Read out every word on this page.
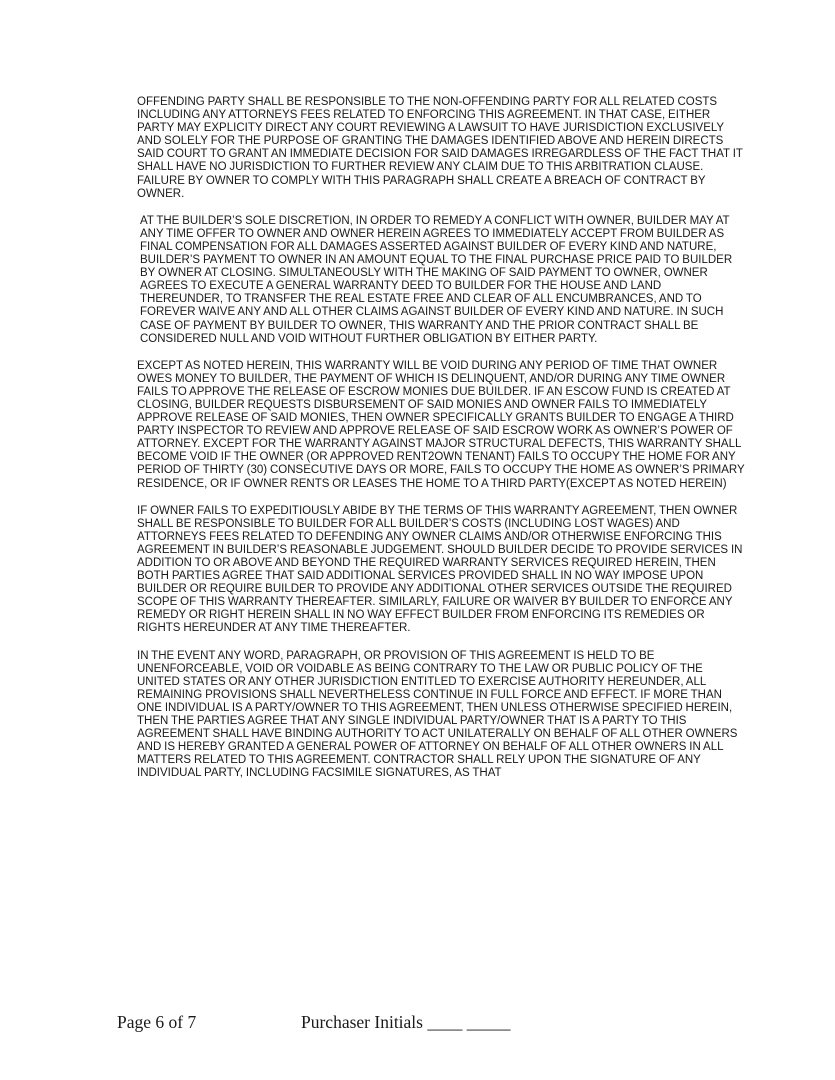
OFFENDING PARTY SHALL BE RESPONSIBLE TO THE NON-OFFENDING PARTY FOR ALL RELATED COSTS INCLUDING ANY ATTORNEYS FEES RELATED TO ENFORCING THIS AGREEMENT. IN THAT CASE, EITHER PARTY MAY EXPLICITY DIRECT ANY COURT REVIEWING A LAWSUIT TO HAVE JURISDICTION EXCLUSIVELY AND SOLELY FOR THE PURPOSE OF GRANTING THE DAMAGES IDENTIFIED ABOVE AND HEREIN DIRECTS SAID COURT TO GRANT AN IMMEDIATE DECISION FOR SAID DAMAGES IRREGARDLESS OF THE FACT THAT IT SHALL HAVE NO JURISDICTION TO FURTHER REVIEW ANY CLAIM DUE TO THIS ARBITRATION CLAUSE. FAILURE BY OWNER TO COMPLY WITH THIS PARAGRAPH SHALL CREATE A BREACH OF CONTRACT BY OWNER.

AT THE BUILDER’S SOLE DISCRETION, IN ORDER TO REMEDY A CONFLICT WITH OWNER, BUILDER MAY AT ANY TIME OFFER TO OWNER AND OWNER HEREIN AGREES TO IMMEDIATELY ACCEPT FROM BUILDER AS FINAL COMPENSATION FOR ALL DAMAGES ASSERTED AGAINST BUILDER OF EVERY KIND AND NATURE, BUILDER’S PAYMENT TO OWNER IN AN AMOUNT EQUAL TO THE FINAL PURCHASE PRICE PAID TO BUILDER BY OWNER AT CLOSING. SIMULTANEOUSLY WITH THE MAKING OF SAID PAYMENT TO OWNER, OWNER AGREES TO EXECUTE A GENERAL WARRANTY DEED TO BUILDER FOR THE HOUSE AND LAND THEREUNDER, TO TRANSFER THE REAL ESTATE FREE AND CLEAR OF ALL ENCUMBRANCES, AND TO FOREVER WAIVE ANY AND ALL OTHER CLAIMS AGAINST BUILDER OF EVERY KIND AND NATURE. IN SUCH CASE OF PAYMENT BY BUILDER TO OWNER, THIS WARRANTY AND THE PRIOR CONTRACT SHALL BE CONSIDERED NULL AND VOID WITHOUT FURTHER OBLIGATION BY EITHER PARTY.

EXCEPT AS NOTED HEREIN, THIS WARRANTY WILL BE VOID DURING ANY PERIOD OF TIME THAT OWNER OWES MONEY TO BUILDER, THE PAYMENT OF WHICH IS DELINQUENT, AND/OR DURING ANY TIME OWNER FAILS TO APPROVE THE RELEASE OF ESCROW MONIES DUE BUILDER. IF AN ESCOW FUND IS CREATED AT CLOSING, BUILDER REQUESTS DISBURSEMENT OF SAID MONIES AND OWNER FAILS TO IMMEDIATELY APPROVE RELEASE OF SAID MONIES, THEN OWNER SPECIFICALLY GRANTS BUILDER TO ENGAGE A THIRD PARTY INSPECTOR TO REVIEW AND APPROVE RELEASE OF SAID ESCROW WORK AS OWNER’S POWER OF ATTORNEY. EXCEPT FOR THE WARRANTY AGAINST MAJOR STRUCTURAL DEFECTS, THIS WARRANTY SHALL BECOME VOID IF THE OWNER (OR APPROVED RENT2OWN TENANT) FAILS TO OCCUPY THE HOME FOR ANY PERIOD OF THIRTY (30) CONSECUTIVE DAYS OR MORE, FAILS TO OCCUPY THE HOME AS OWNER’S PRIMARY RESIDENCE, OR IF OWNER RENTS OR LEASES THE HOME TO A THIRD PARTY(EXCEPT AS NOTED HEREIN)

IF OWNER FAILS TO EXPEDITIOUSLY ABIDE BY THE TERMS OF THIS WARRANTY AGREEMENT, THEN OWNER SHALL BE RESPONSIBLE TO BUILDER FOR ALL BUILDER’S COSTS (INCLUDING LOST WAGES) AND ATTORNEYS FEES RELATED TO DEFENDING ANY OWNER CLAIMS AND/OR OTHERWISE ENFORCING THIS AGREEMENT IN BUILDER’S REASONABLE JUDGEMENT. SHOULD BUILDER DECIDE TO PROVIDE SERVICES IN ADDITION TO OR ABOVE AND BEYOND THE REQUIRED WARRANTY SERVICES REQUIRED HEREIN, THEN BOTH PARTIES AGREE THAT SAID ADDITIONAL SERVICES PROVIDED SHALL IN NO WAY IMPOSE UPON BUILDER OR REQUIRE BUILDER TO PROVIDE ANY ADDITIONAL OTHER SERVICES OUTSIDE THE REQUIRED SCOPE OF THIS WARRANTY THEREAFTER. SIMILARLY, FAILURE OR WAIVER BY BUILDER TO ENFORCE ANY REMEDY OR RIGHT HEREIN SHALL IN NO WAY EFFECT BUILDER FROM ENFORCING ITS REMEDIES OR RIGHTS HEREUNDER AT ANY TIME THEREAFTER.

IN THE EVENT ANY WORD, PARAGRAPH, OR PROVISION OF THIS AGREEMENT IS HELD TO BE UNENFORCEABLE, VOID OR VOIDABLE AS BEING CONTRARY TO THE LAW OR PUBLIC POLICY OF THE UNITED STATES OR ANY OTHER JURISDICTION ENTITLED TO EXERCISE AUTHORITY HEREUNDER, ALL REMAINING PROVISIONS SHALL NEVERTHELESS CONTINUE IN FULL FORCE AND EFFECT. IF MORE THAN ONE INDIVIDUAL IS A PARTY/OWNER TO THIS AGREEMENT, THEN UNLESS OTHERWISE SPECIFIED HEREIN, THEN THE PARTIES AGREE THAT ANY SINGLE INDIVIDUAL PARTY/OWNER THAT IS A PARTY TO THIS AGREEMENT SHALL HAVE BINDING AUTHORITY TO ACT UNILATERALLY ON BEHALF OF ALL OTHER OWNERS AND IS HEREBY GRANTED A GENERAL POWER OF ATTORNEY ON BEHALF OF ALL OTHER OWNERS IN ALL MATTERS RELATED TO THIS AGREEMENT. CONTRACTOR SHALL RELY UPON THE SIGNATURE OF ANY INDIVIDUAL PARTY, INCLUDING FACSIMILE SIGNATURES, AS THAT

Page 6 of 7	Purchaser Initials ____ _____
